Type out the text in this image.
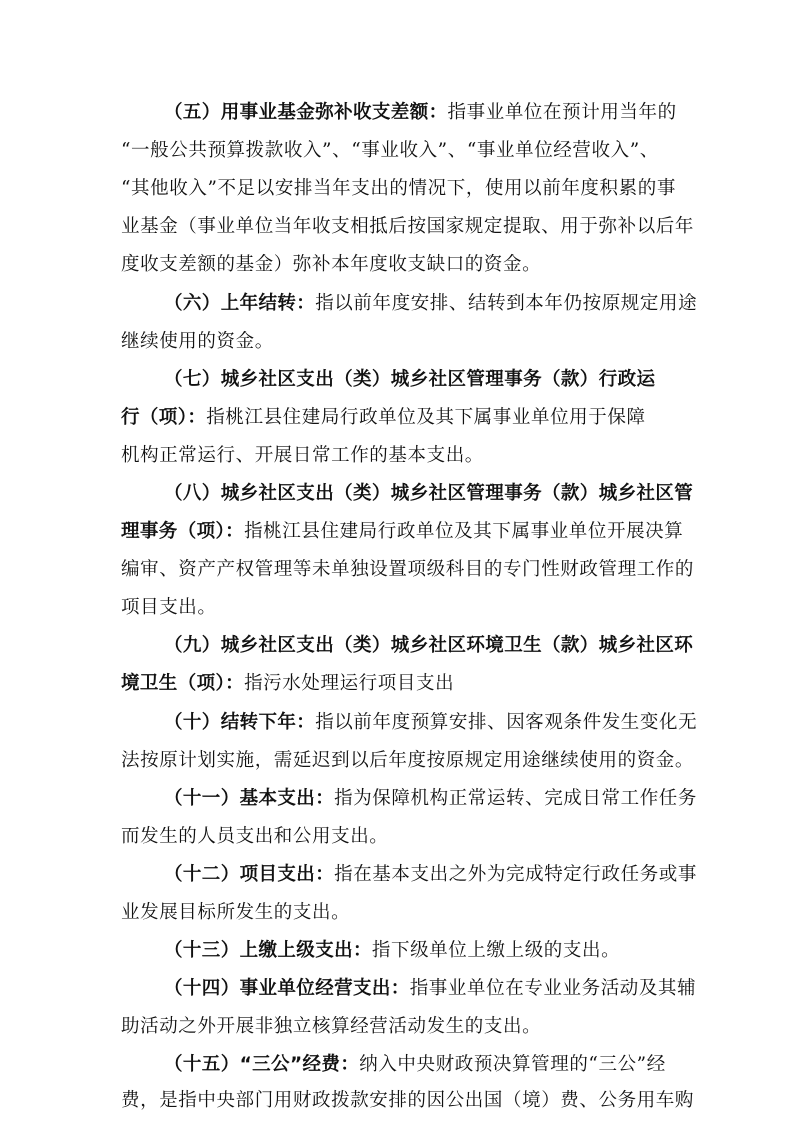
（五）用事业基金弥补收支差额：指事业单位在预计用当年的
“一般公共预算拨款收入”、“事业收入”、“事业单位经营收入”、
“其他收入”不足以安排当年支出的情况下，使用以前年度积累的事
业基金（事业单位当年收支相抵后按国家规定提取、用于弥补以后年
度收支差额的基金）弥补本年度收支缺口的资金。
（六）上年结转：指以前年度安排、结转到本年仍按原规定用途
继续使用的资金。
（七）城乡社区支出（类）城乡社区管理事务（款）行政运
行（项）：指桃江县住建局行政单位及其下属事业单位用于保障
机构正常运行、开展日常工作的基本支出。
（八）城乡社区支出（类）城乡社区管理事务（款）城乡社区管
理事务（项）：指桃江县住建局行政单位及其下属事业单位开展决算
编审、资产产权管理等未单独设置项级科目的专门性财政管理工作的
项目支出。
（九）城乡社区支出（类）城乡社区环境卫生（款）城乡社区环
境卫生（项）：指污水处理运行项目支出
（十）结转下年：指以前年度预算安排、因客观条件发生变化无
法按原计划实施，需延迟到以后年度按原规定用途继续使用的资金。
（十一）基本支出：指为保障机构正常运转、完成日常工作任务
而发生的人员支出和公用支出。
（十二）项目支出：指在基本支出之外为完成特定行政任务或事
业发展目标所发生的支出。
（十三）上缴上级支出：指下级单位上缴上级的支出。
（十四）事业单位经营支出：指事业单位在专业业务活动及其辅
助活动之外开展非独立核算经营活动发生的支出。
（十五）“三公”经费：纳入中央财政预决算管理的“三公”经
费，是指中央部门用财政拨款安排的因公出国（境）费、公务用车购
